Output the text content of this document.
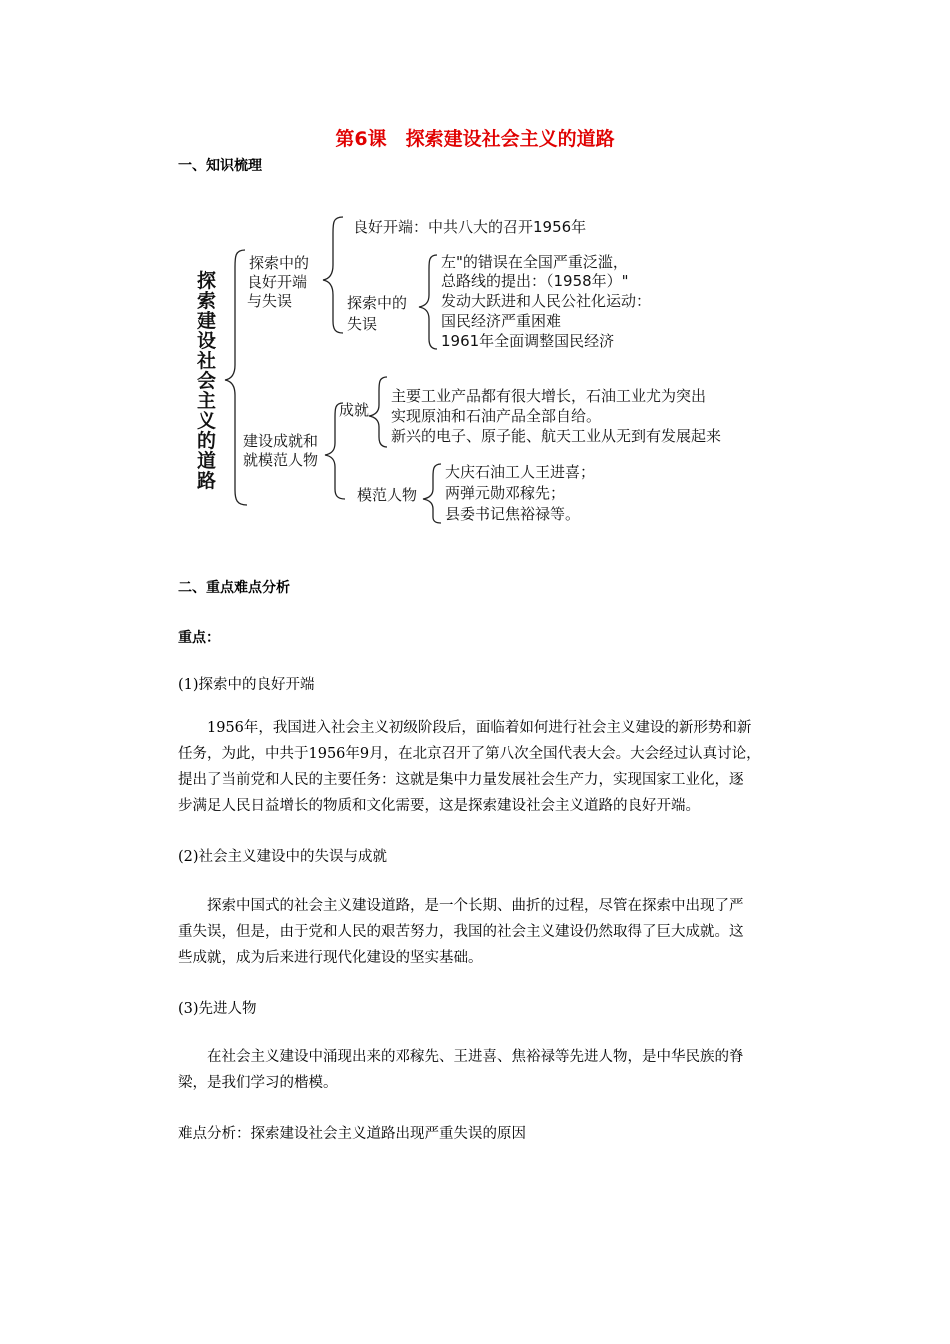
第6课　探索建设社会主义的道路
一、知识梳理
探
索
建
设
社
会
主
义
的
道
路
探索中的
良好开端
与失误
良好开端：中共八大的召开1956年
探索中的
失误
左"的错误在全国严重泛滥，
总路线的提出：（1958年）"
发动大跃进和人民公社化运动：
国民经济严重困难
1961年全面调整国民经济
建设成就和
就模范人物
成就
主要工业产品都有很大增长，石油工业尤为突出
实现原油和石油产品全部自给。
新兴的电子、原子能、航天工业从无到有发展起来
模范人物
大庆石油工人王进喜；
两弹元勋邓稼先；
县委书记焦裕禄等。
二、重点难点分析
重点：
(1)探索中的良好开端
　　1956年，我国进入社会主义初级阶段后，面临着如何进行社会主义建设的新形势和新
任务，为此，中共于1956年9月，在北京召开了第八次全国代表大会。大会经过认真讨论，
提出了当前党和人民的主要任务：这就是集中力量发展社会生产力，实现国家工业化，逐
步满足人民日益增长的物质和文化需要，这是探索建设社会主义道路的良好开端。
(2)社会主义建设中的失误与成就
　　探索中国式的社会主义建设道路，是一个长期、曲折的过程，尽管在探索中出现了严
重失误，但是，由于党和人民的艰苦努力，我国的社会主义建设仍然取得了巨大成就。这
些成就，成为后来进行现代化建设的坚实基础。
(3)先进人物
　　在社会主义建设中涌现出来的邓稼先、王进喜、焦裕禄等先进人物，是中华民族的脊
梁，是我们学习的楷模。
难点分析：探索建设社会主义道路出现严重失误的原因
